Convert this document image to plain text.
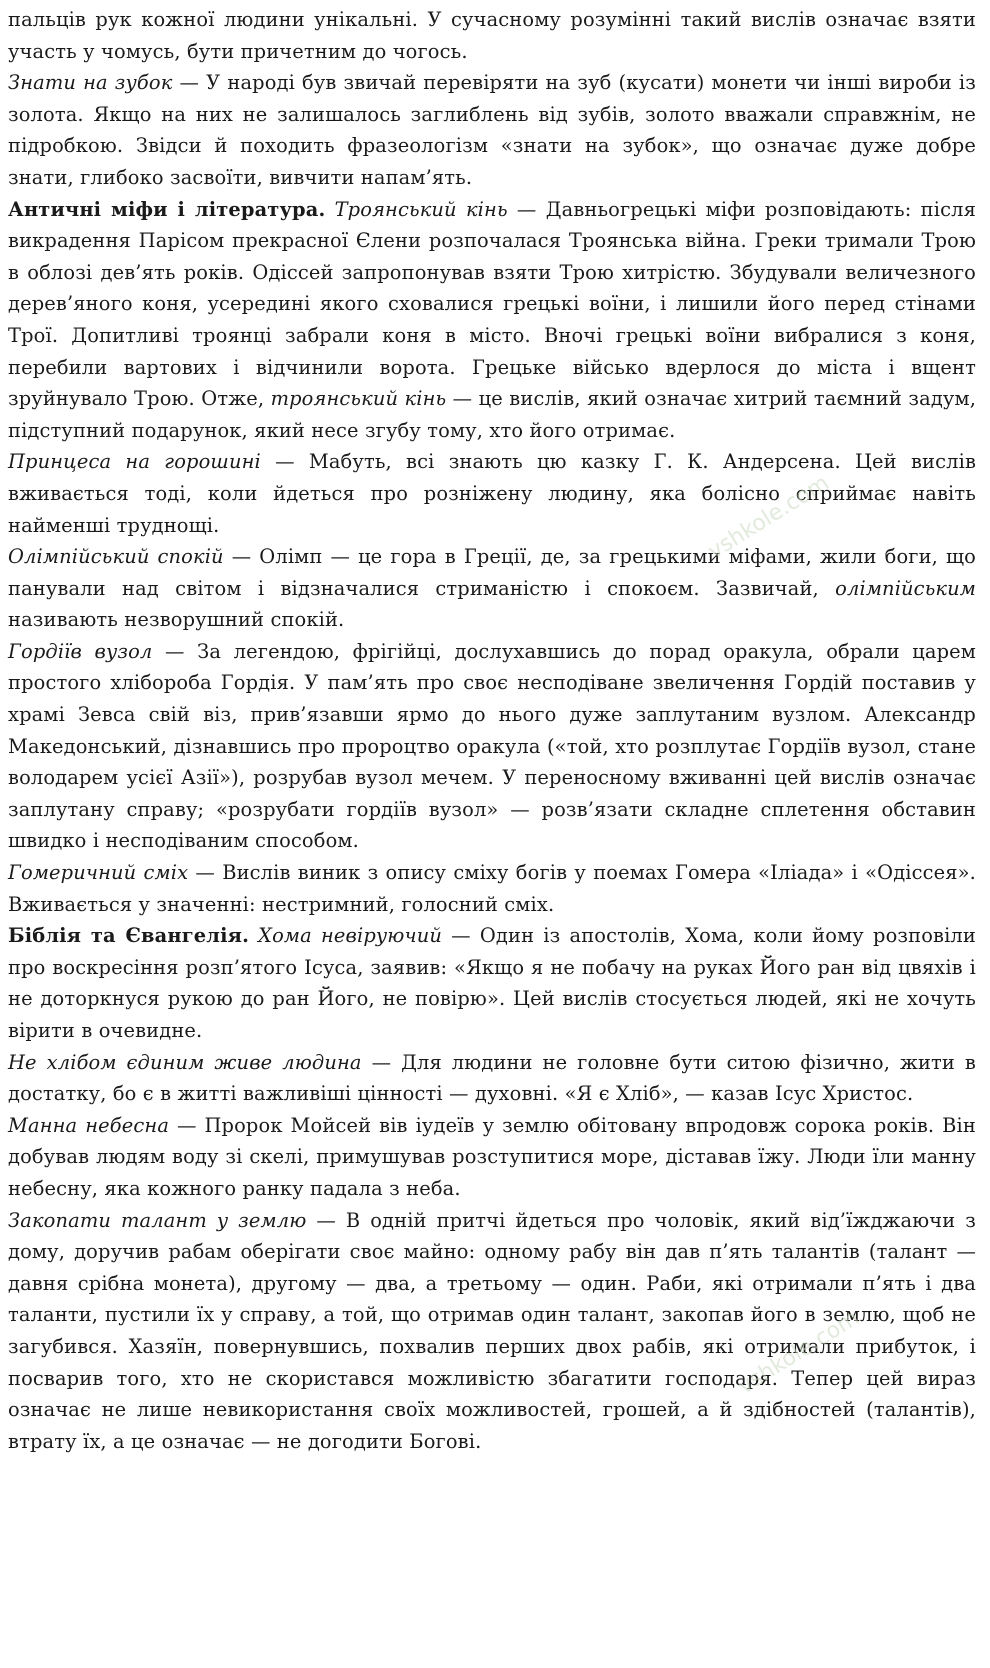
пальців рук кожної людини унікальні. У сучасному розумінні такий вислів означає взяти участь у чомусь, бути причетним до чогось.

Знати на зубок — У народі був звичай перевіряти на зуб (кусати) монети чи інші вироби із золота. Якщо на них не залишалось заглиблень від зубів, золото вважали справжнім, не підробкою. Звідси й походить фразеологізм «знати на зубок», що означає дуже добре знати, глибоко засвоїти, вивчити напам’ять.

Античні міфи і література. Троянський кінь — Давньогрецькі міфи розповідають: після викрадення Парісом прекрасної Єлени розпочалася Троянська війна. Греки тримали Трою в облозі дев’ять років. Одіссей запропонував взяти Трою хитрістю. Збудували величезного дерев’яного коня, усередині якого сховалися грецькі воїни, і лишили його перед стінами Трої. Допитливі троянці забрали коня в місто. Вночі грецькі воїни вибралися з коня, перебили вартових і відчинили ворота. Грецьке військо вдерлося до міста і вщент зруйнувало Трою. Отже, троянський кінь — це вислів, який означає хитрий таємний задум, підступний подарунок, який несе згубу тому, хто його отримає.

Принцеса на горошині — Мабуть, всі знають цю казку Г. К. Андерсена. Цей вислів вживається тоді, коли йдеться про розніжену людину, яка болісно сприймає навіть найменші труднощі.

Олімпійський спокій — Олімп — це гора в Греції, де, за грецькими міфами, жили боги, що панували над світом і відзначалися стриманістю і спокоєм. Зазвичай, олімпійським називають незворушний спокій.

Гордіїв вузол — За легендою, фрігійці, дослухавшись до порад оракула, обрали царем простого хлібороба Гордія. У пам’ять про своє несподіване звеличення Гордій поставив у храмі Зевса свій віз, прив’язавши ярмо до нього дуже заплутаним вузлом. Александр Македонський, дізнавшись про пророцтво оракула («той, хто розплутає Гордіїв вузол, стане володарем усієї Азії»), розрубав вузол мечем. У переносному вживанні цей вислів означає заплутану справу; «розрубати гордіїв вузол» — розв’язати складне сплетення обставин швидко і несподіваним способом.

Гомеричний сміх — Вислів виник з опису сміху богів у поемах Гомера «Іліада» і «Одіссея». Вживається у значенні: нестримний, голосний сміх.

Біблія та Євангелія. Хома невіруючий — Один із апостолів, Хома, коли йому розповіли про воскресіння розп’ятого Ісуса, заявив: «Якщо я не побачу на руках Його ран від цвяхів і не доторкнуся рукою до ран Його, не повірю». Цей вислів стосується людей, які не хочуть вірити в очевидне.

Не хлібом єдиним живе людина — Для людини не головне бути ситою фізично, жити в достатку, бо є в житті важливіші цінності — духовні. «Я є Хліб», — казав Ісус Христос.

Манна небесна — Пророк Мойсей вів іудеїв у землю обітовану впродовж сорока років. Він добував людям воду зі скелі, примушував розступитися море, діставав їжу. Люди їли манну небесну, яка кожного ранку падала з неба.

Закопати талант у землю — В одній притчі йдеться про чоловік, який від’їжджаючи з дому, доручив рабам оберігати своє майно: одному рабу він дав п’ять талантів (талант — давня срібна монета), другому — два, а третьому — один. Раби, які отримали п’ять і два таланти, пустили їх у справу, а той, що отримав один талант, закопав його в землю, щоб не загубився. Хазяїн, повернувшись, похвалив перших двох рабів, які отримали прибуток, і посварив того, хто не скористався можливістю збагатити господаря. Тепер цей вираз означає не лише невикористання своїх можливостей, грошей, а й здібностей (талантів), втрату їх, а це означає — не догодити Богові.

vshkole.com
vshkole.com
